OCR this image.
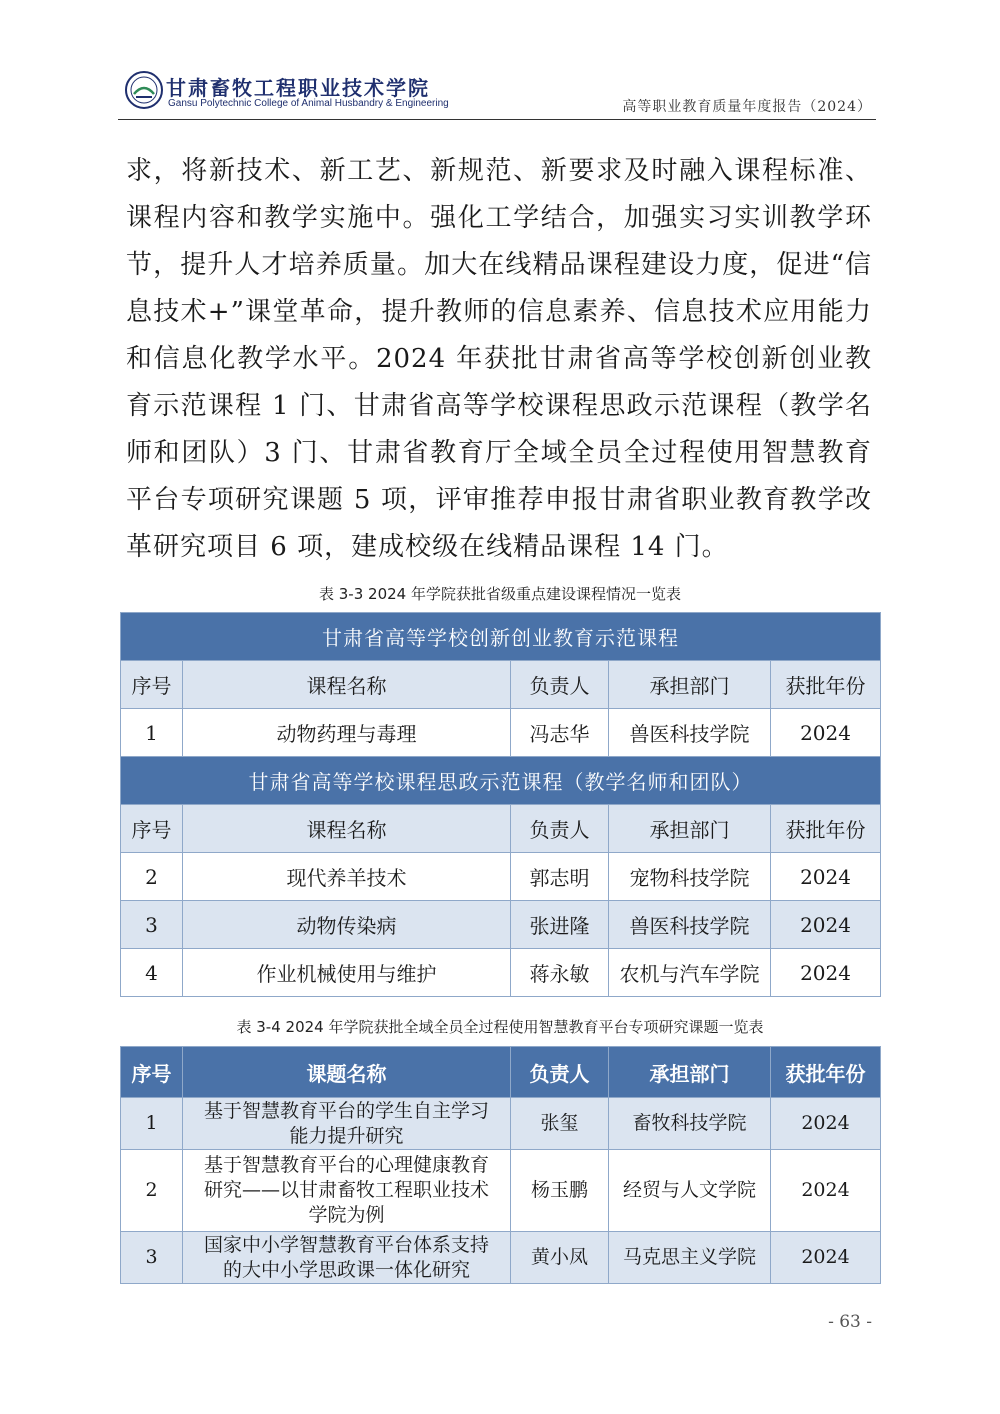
甘肃畜牧工程职业技术学院
Gansu Polytechnic College of Animal Husbandry & Engineering	高等职业教育质量年度报告（2024）
求，将新技术、新工艺、新规范、新要求及时融入课程标准、课程内容和教学实施中。强化工学结合，加强实习实训教学环节，提升人才培养质量。加大在线精品课程建设力度，促进“信息技术+”课堂革命，提升教师的信息素养、信息技术应用能力和信息化教学水平。2024 年获批甘肃省高等学校创新创业教育示范课程 1 门、甘肃省高等学校课程思政示范课程（教学名师和团队）3 门、甘肃省教育厅全域全员全过程使用智慧教育平台专项研究课题 5 项，评审推荐申报甘肃省职业教育教学改革研究项目 6 项，建成校级在线精品课程 14 门。
表 3-3 2024 年学院获批省级重点建设课程情况一览表
甘肃省高等学校创新创业教育示范课程				
序号	课程名称	负责人	承担部门	获批年份
1	动物药理与毒理	冯志华	兽医科技学院	2024
甘肃省高等学校课程思政示范课程（教学名师和团队）				
序号	课程名称	负责人	承担部门	获批年份
2	现代养羊技术	郭志明	宠物科技学院	2024
3	动物传染病	张进隆	兽医科技学院	2024
4	作业机械使用与维护	蒋永敏	农机与汽车学院	2024
表 3-4 2024 年学院获批全域全员全过程使用智慧教育平台专项研究课题一览表
序号	课题名称	负责人	承担部门	获批年份
1	基于智慧教育平台的学生自主学习能力提升研究	张玺	畜牧科技学院	2024
2	基于智慧教育平台的心理健康教育研究——以甘肃畜牧工程职业技术学院为例	杨玉鹏	经贸与人文学院	2024
3	国家中小学智慧教育平台体系支持的大中小学思政课一体化研究	黄小凤	马克思主义学院	2024
- 63 -
